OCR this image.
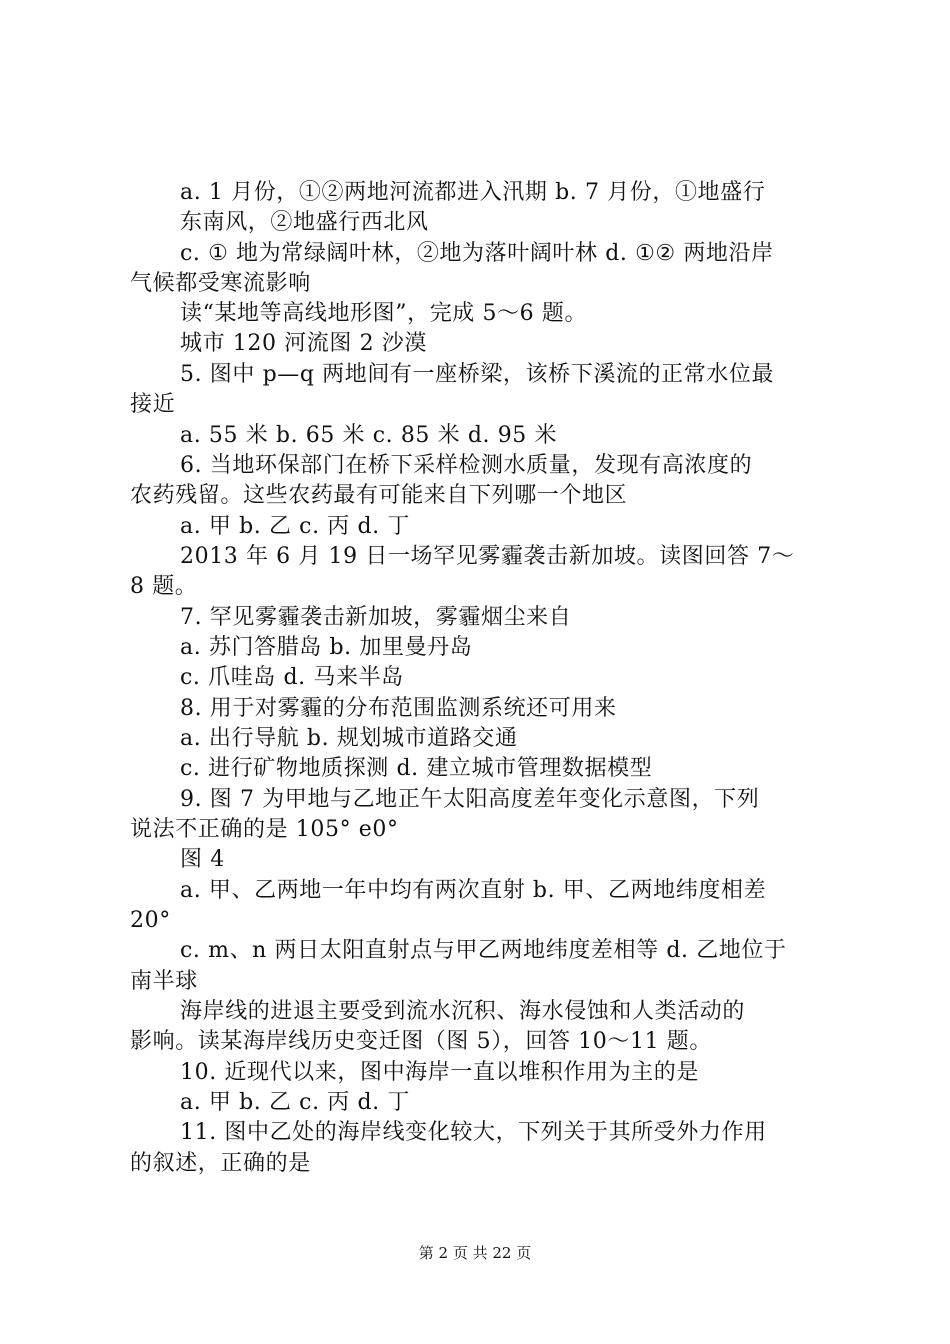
a. 1 月份，①②两地河流都进入汛期 b. 7 月份，①地盛行
东南风，②地盛行西北风
c. ① 地为常绿阔叶林，②地为落叶阔叶林 d. ①② 两地沿岸
气候都受寒流影响
读“某地等高线地形图”，完成 5～6 题。
城市 120 河流图 2 沙漠
5. 图中 p—q 两地间有一座桥梁，该桥下溪流的正常水位最
接近
a. 55 米 b. 65 米 c. 85 米 d. 95 米
6. 当地环保部门在桥下采样检测水质量，发现有高浓度的
农药残留。这些农药最有可能来自下列哪一个地区
a. 甲 b. 乙 c. 丙 d. 丁
2013 年 6 月 19 日一场罕见雾霾袭击新加坡。读图回答 7～
8 题。
7. 罕见雾霾袭击新加坡，雾霾烟尘来自
a. 苏门答腊岛 b. 加里曼丹岛
c. 爪哇岛 d. 马来半岛
8. 用于对雾霾的分布范围监测系统还可用来
a. 出行导航 b. 规划城市道路交通
c. 进行矿物地质探测 d. 建立城市管理数据模型
9. 图 7 为甲地与乙地正午太阳高度差年变化示意图，下列
说法不正确的是 105° e0°
图 4
a. 甲、乙两地一年中均有两次直射 b. 甲、乙两地纬度相差
20°
c. m、n 两日太阳直射点与甲乙两地纬度差相等 d. 乙地位于
南半球
海岸线的进退主要受到流水沉积、海水侵蚀和人类活动的
影响。读某海岸线历史变迁图（图 5），回答 10～11 题。
10. 近现代以来，图中海岸一直以堆积作用为主的是
a. 甲 b. 乙 c. 丙 d. 丁
11. 图中乙处的海岸线变化较大，下列关于其所受外力作用
的叙述，正确的是
第 2 页 共 22 页
